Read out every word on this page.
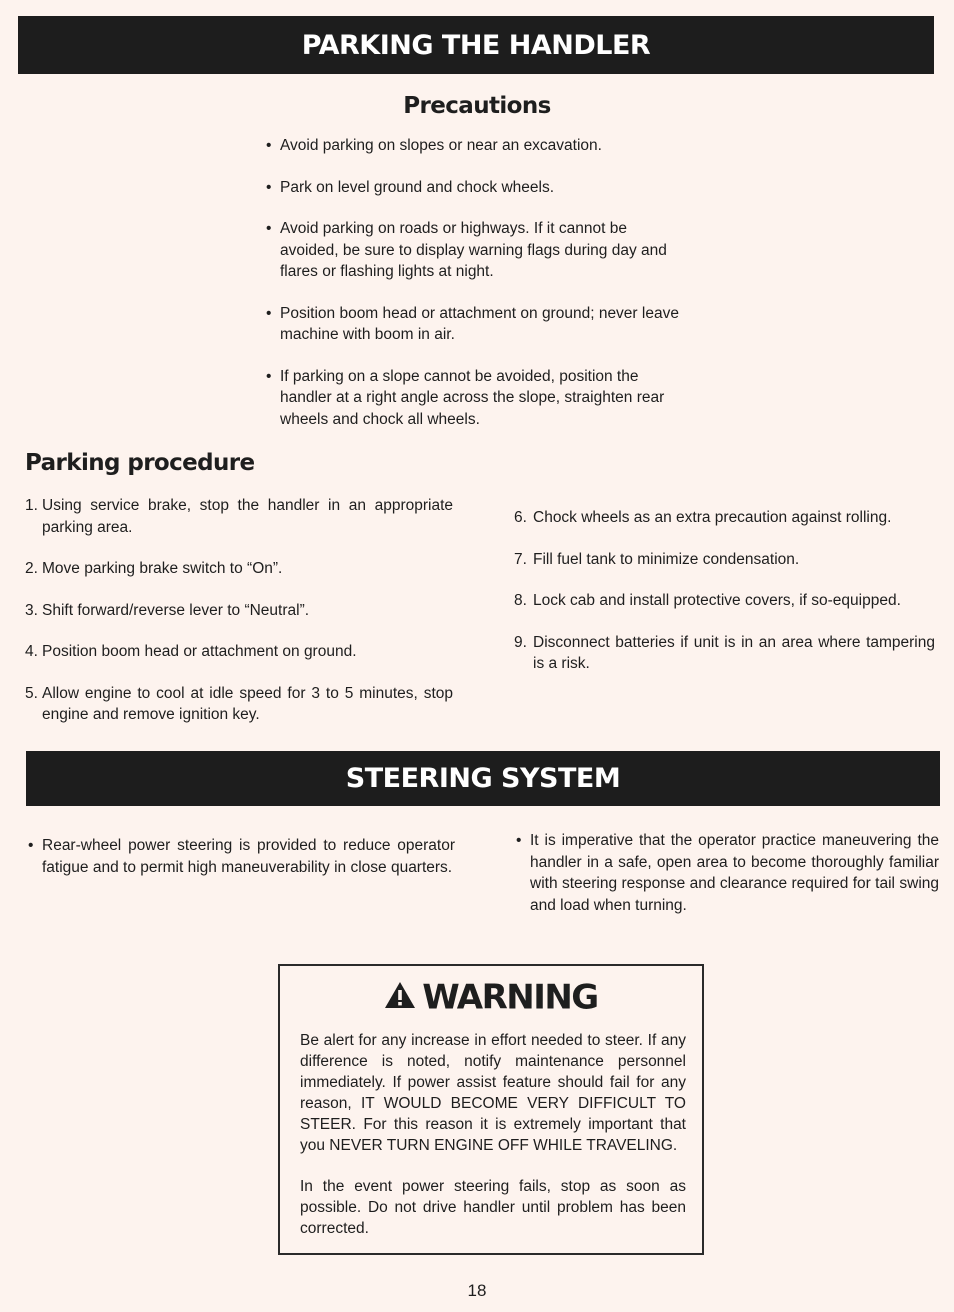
PARKING THE HANDLER
Precautions
• Avoid parking on slopes or near an excavation.
• Park on level ground and chock wheels.
• Avoid parking on roads or highways. If it cannot be avoided, be sure to display warning flags during day and flares or flashing lights at night.
• Position boom head or attachment on ground; never leave machine with boom in air.
• If parking on a slope cannot be avoided, position the handler at a right angle across the slope, straighten rear wheels and chock all wheels.
Parking procedure
1. Using service brake, stop the handler in an appropriate parking area.
2. Move parking brake switch to “On”.
3. Shift forward/reverse lever to “Neutral”.
4. Position boom head or attachment on ground.
5. Allow engine to cool at idle speed for 3 to 5 minutes, stop engine and remove ignition key.
6. Chock wheels as an extra precaution against rolling.
7. Fill fuel tank to minimize condensation.
8. Lock cab and install protective covers, if so-equipped.
9. Disconnect batteries if unit is in an area where tampering is a risk.
STEERING SYSTEM
• Rear-wheel power steering is provided to reduce operator fatigue and to permit high maneuverability in close quarters.
• It is imperative that the operator practice maneuvering the handler in a safe, open area to become thoroughly familiar with steering response and clearance required for tail swing and load when turning.
WARNING

Be alert for any increase in effort needed to steer. If any difference is noted, notify maintenance personnel immediately. If power assist feature should fail for any reason, IT WOULD BECOME VERY DIFFICULT TO STEER. For this reason it is extremely important that you NEVER TURN ENGINE OFF WHILE TRAVELING.

In the event power steering fails, stop as soon as possible. Do not drive handler until problem has been corrected.

18
